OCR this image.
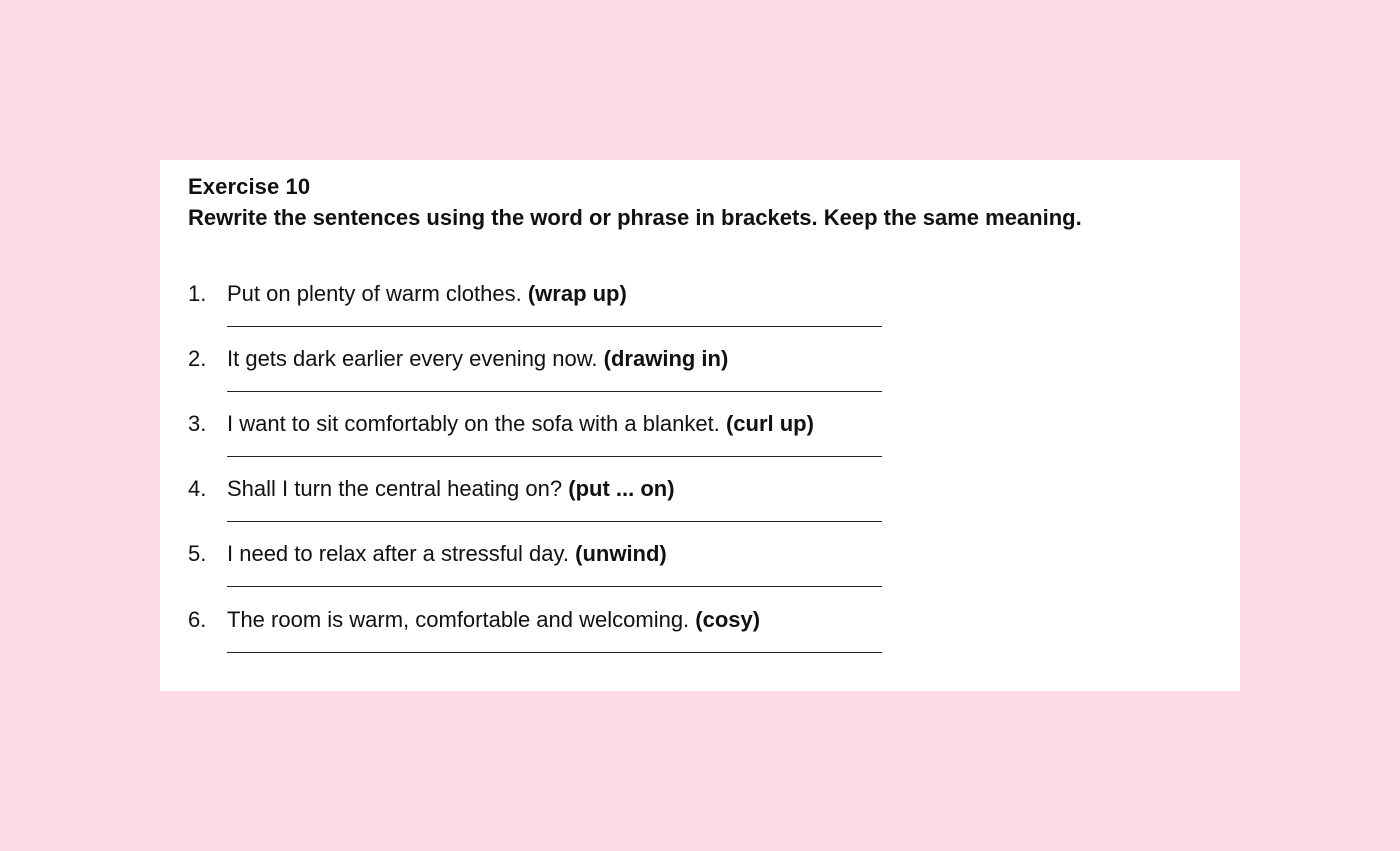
Exercise 10
Rewrite the sentences using the word or phrase in brackets. Keep the same meaning.
1. Put on plenty of warm clothes. (wrap up)
2. It gets dark earlier every evening now. (drawing in)
3. I want to sit comfortably on the sofa with a blanket. (curl up)
4. Shall I turn the central heating on? (put ... on)
5. I need to relax after a stressful day. (unwind)
6. The room is warm, comfortable and welcoming. (cosy)
